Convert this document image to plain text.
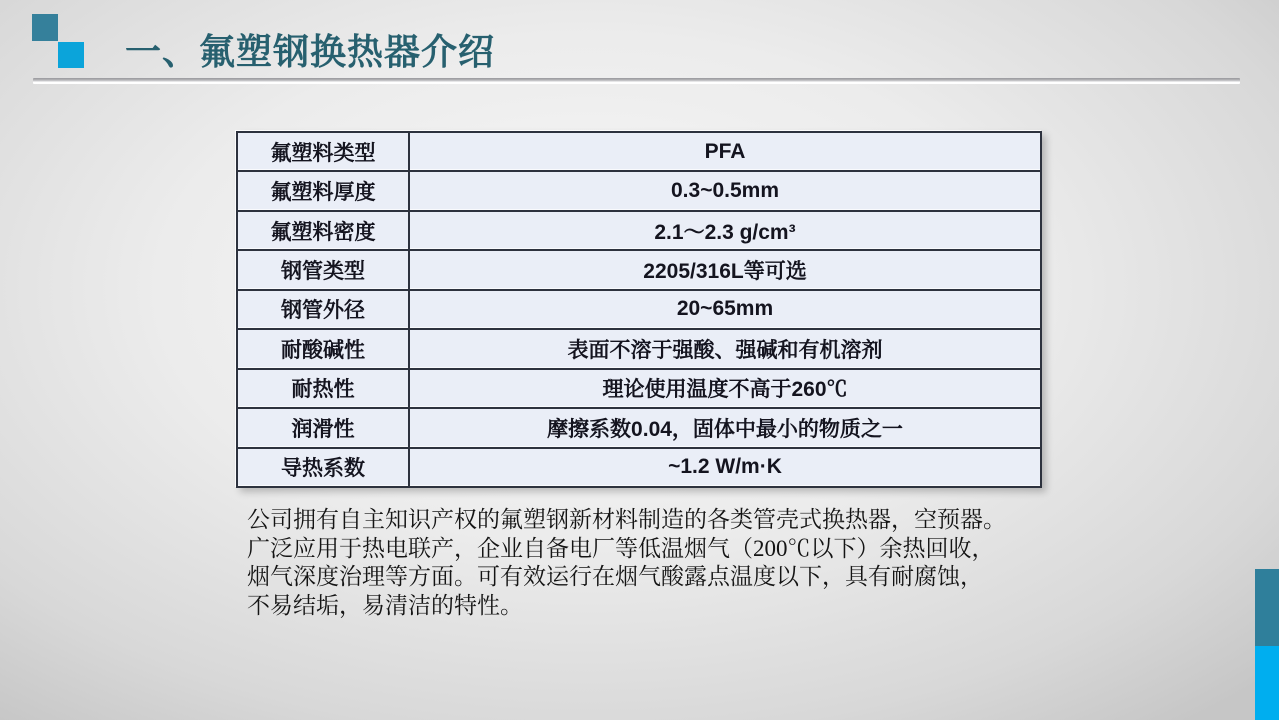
一、氟塑钢换热器介绍
氟塑料类型	PFA
氟塑料厚度	0.3~0.5mm
氟塑料密度	2.1～2.3 g/cm³
钢管类型	2205/316L等可选
钢管外径	20~65mm
耐酸碱性	表面不溶于强酸、强碱和有机溶剂
耐热性	理论使用温度不高于260℃
润滑性	摩擦系数0.04，固体中最小的物质之一
导热系数	~1.2 W/m·K
公司拥有自主知识产权的氟塑钢新材料制造的各类管壳式换热器，空预器。
广泛应用于热电联产，企业自备电厂等低温烟气（200℃以下）余热回收，
烟气深度治理等方面。可有效运行在烟气酸露点温度以下，具有耐腐蚀，
不易结垢，易清洁的特性。
